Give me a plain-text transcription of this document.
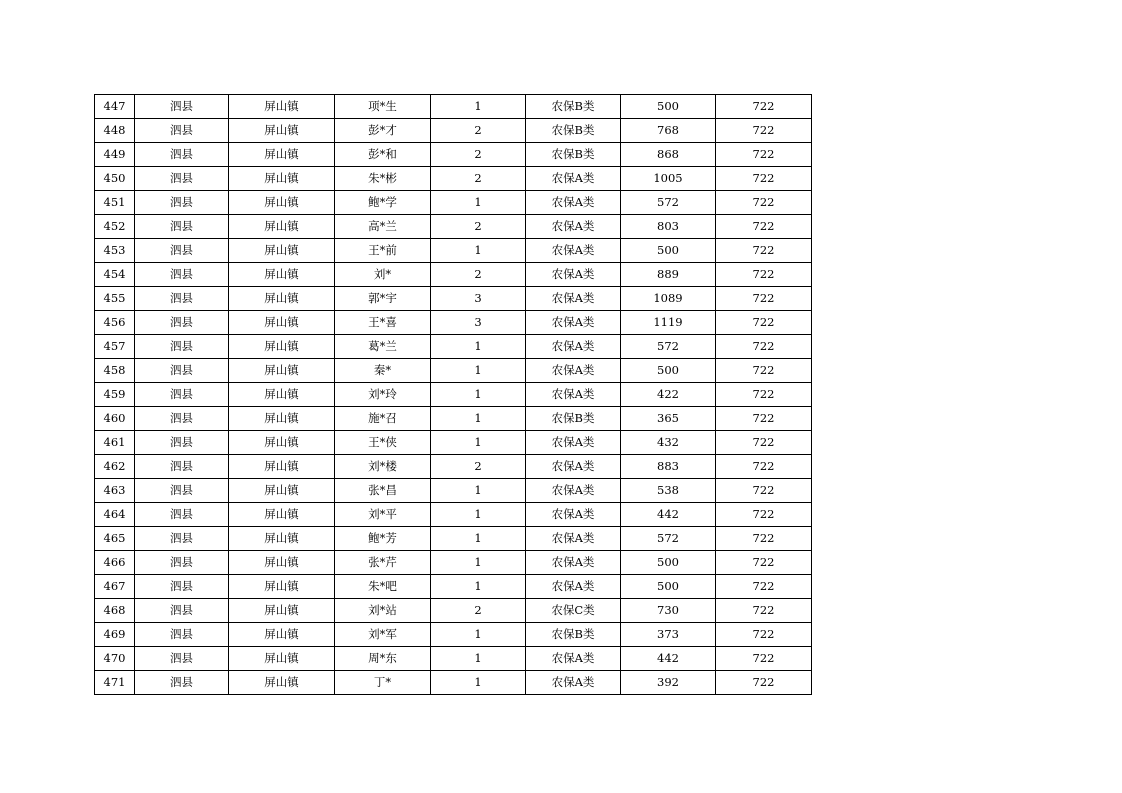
447	泗县	屏山镇	项*生	1	农保B类	500	722
448	泗县	屏山镇	彭*才	2	农保B类	768	722
449	泗县	屏山镇	彭*和	2	农保B类	868	722
450	泗县	屏山镇	朱*彬	2	农保A类	1005	722
451	泗县	屏山镇	鲍*学	1	农保A类	572	722
452	泗县	屏山镇	高*兰	2	农保A类	803	722
453	泗县	屏山镇	王*前	1	农保A类	500	722
454	泗县	屏山镇	刘*	2	农保A类	889	722
455	泗县	屏山镇	郭*宇	3	农保A类	1089	722
456	泗县	屏山镇	王*喜	3	农保A类	1119	722
457	泗县	屏山镇	葛*兰	1	农保A类	572	722
458	泗县	屏山镇	秦*	1	农保A类	500	722
459	泗县	屏山镇	刘*玲	1	农保A类	422	722
460	泗县	屏山镇	施*召	1	农保B类	365	722
461	泗县	屏山镇	王*侠	1	农保A类	432	722
462	泗县	屏山镇	刘*楼	2	农保A类	883	722
463	泗县	屏山镇	张*昌	1	农保A类	538	722
464	泗县	屏山镇	刘*平	1	农保A类	442	722
465	泗县	屏山镇	鲍*芳	1	农保A类	572	722
466	泗县	屏山镇	张*芹	1	农保A类	500	722
467	泗县	屏山镇	朱*吧	1	农保A类	500	722
468	泗县	屏山镇	刘*站	2	农保C类	730	722
469	泗县	屏山镇	刘*军	1	农保B类	373	722
470	泗县	屏山镇	周*东	1	农保A类	442	722
471	泗县	屏山镇	丁*	1	农保A类	392	722
